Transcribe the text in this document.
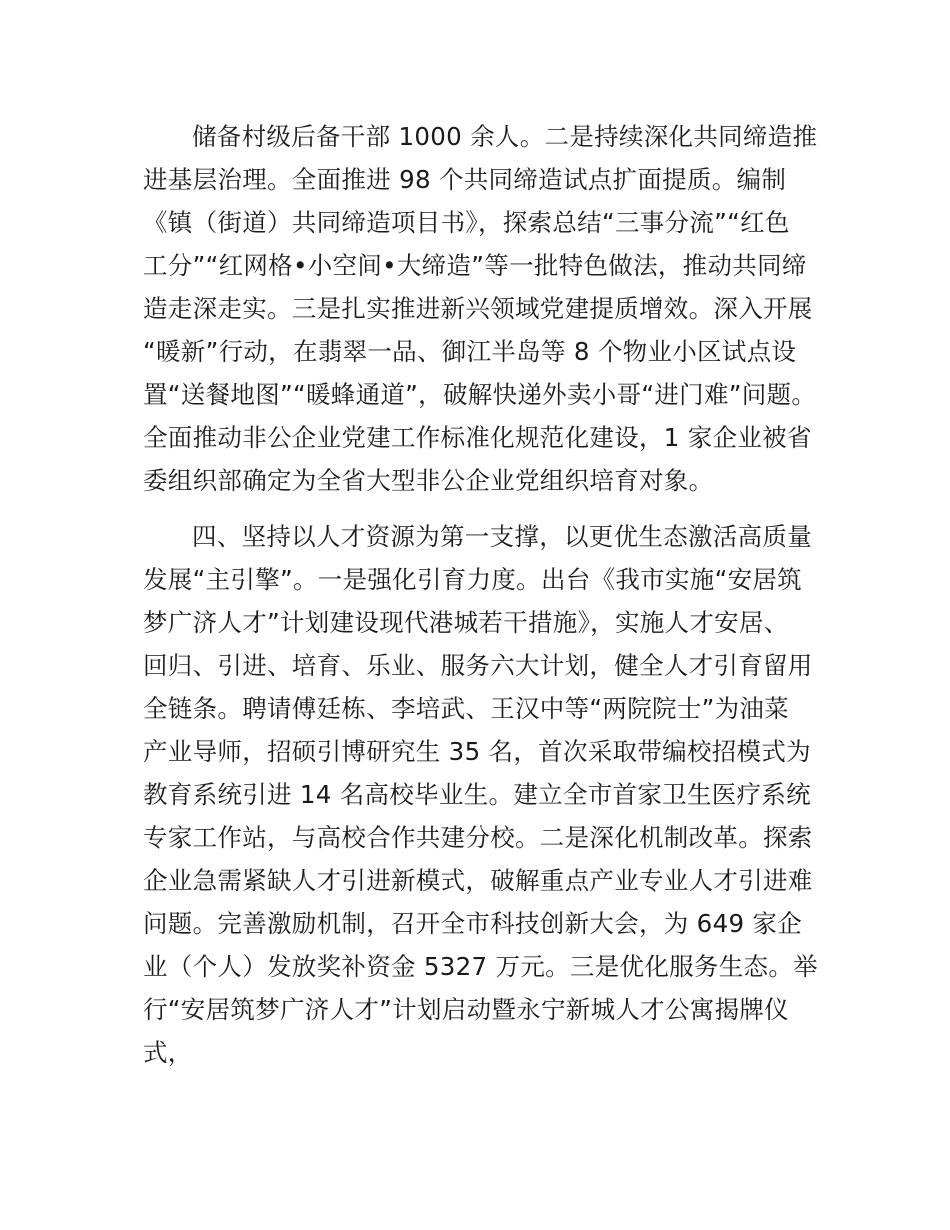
储备村级后备干部 1000 余人。二是持续深化共同缔造推
进基层治理。全面推进 98 个共同缔造试点扩面提质。编制
《镇（街道）共同缔造项目书》，探索总结“三事分流”“红色
工分”“红网格•小空间•大缔造”等一批特色做法，推动共同缔
造走深走实。三是扎实推进新兴领域党建提质增效。深入开展
“暖新”行动，在翡翠一品、御江半岛等 8 个物业小区试点设
置“送餐地图”“暖蜂通道”，破解快递外卖小哥“进门难”问题。
全面推动非公企业党建工作标准化规范化建设，1 家企业被省
委组织部确定为全省大型非公企业党组织培育对象。
四、坚持以人才资源为第一支撑，以更优生态激活高质量
发展“主引擎”。一是强化引育力度。出台《我市实施“安居筑
梦广济人才”计划建设现代港城若干措施》，实施人才安居、
回归、引进、培育、乐业、服务六大计划，健全人才引育留用
全链条。聘请傅廷栋、李培武、王汉中等“两院院士”为油菜
产业导师，招硕引博研究生 35 名，首次采取带编校招模式为
教育系统引进 14 名高校毕业生。建立全市首家卫生医疗系统
专家工作站，与高校合作共建分校。二是深化机制改革。探索
企业急需紧缺人才引进新模式，破解重点产业专业人才引进难
问题。完善激励机制，召开全市科技创新大会，为 649 家企
业（个人）发放奖补资金 5327 万元。三是优化服务生态。举
行“安居筑梦广济人才”计划启动暨永宁新城人才公寓揭牌仪
式，
